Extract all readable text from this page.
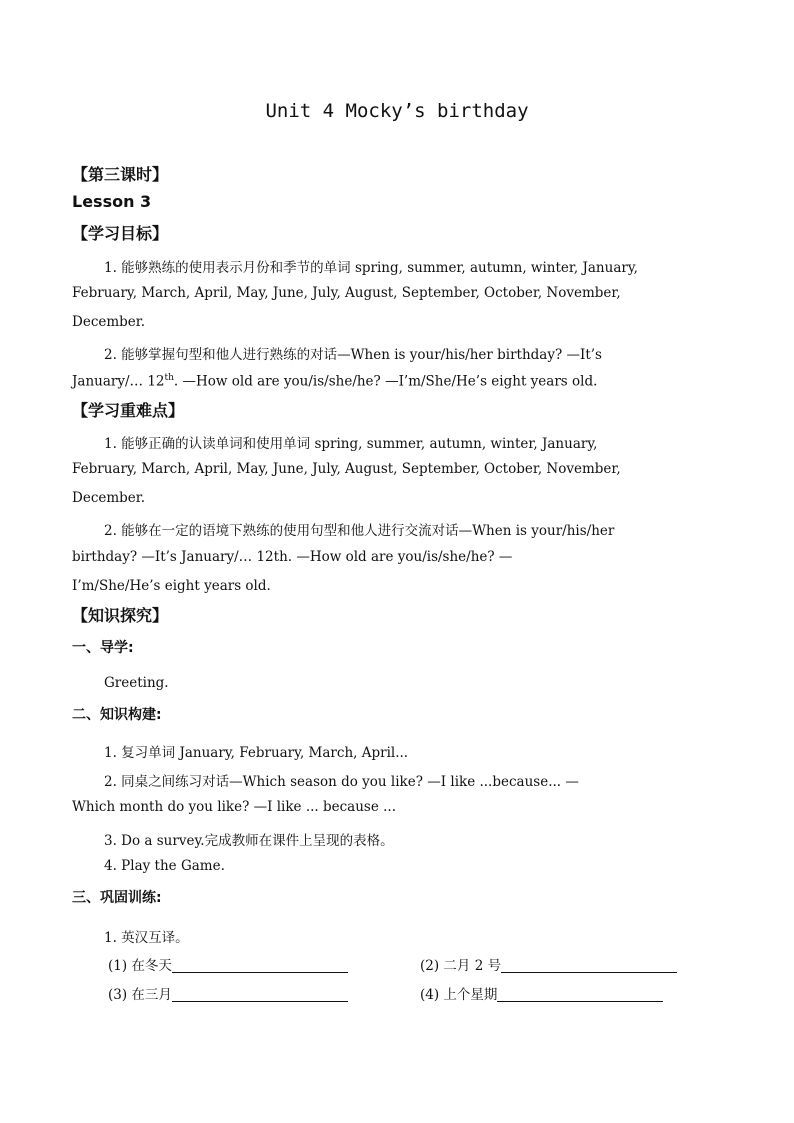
Unit 4 Mocky’s birthday
【第三课时】
Lesson 3
【学习目标】
1. 能够熟练的使用表示月份和季节的单词 spring, summer, autumn, winter, January,
February, March, April, May, June, July, August, September, October, November,
December.
2. 能够掌握句型和他人进行熟练的对话—When is your/his/her birthday? —It’s
January/… 12th. —How old are you/is/she/he? —I’m/She/He’s eight years old.
【学习重难点】
1. 能够正确的认读单词和使用单词 spring, summer, autumn, winter, January,
February, March, April, May, June, July, August, September, October, November,
December.
2. 能够在一定的语境下熟练的使用句型和他人进行交流对话—When is your/his/her
birthday? —It’s January/… 12th. —How old are you/is/she/he? —
I’m/She/He’s eight years old.
【知识探究】
一、导学:
Greeting.
二、知识构建:
1. 复习单词 January, February, March, April...
2. 同桌之间练习对话—Which season do you like? —I like ...because... —
Which month do you like? —I like ... because ...
3. Do a survey.完成教师在课件上呈现的表格。
4. Play the Game.
三、巩固训练:
1. 英汉互译。
(1) 在冬天	(2) 二月 2 号
(3) 在三月	(4) 上个星期
